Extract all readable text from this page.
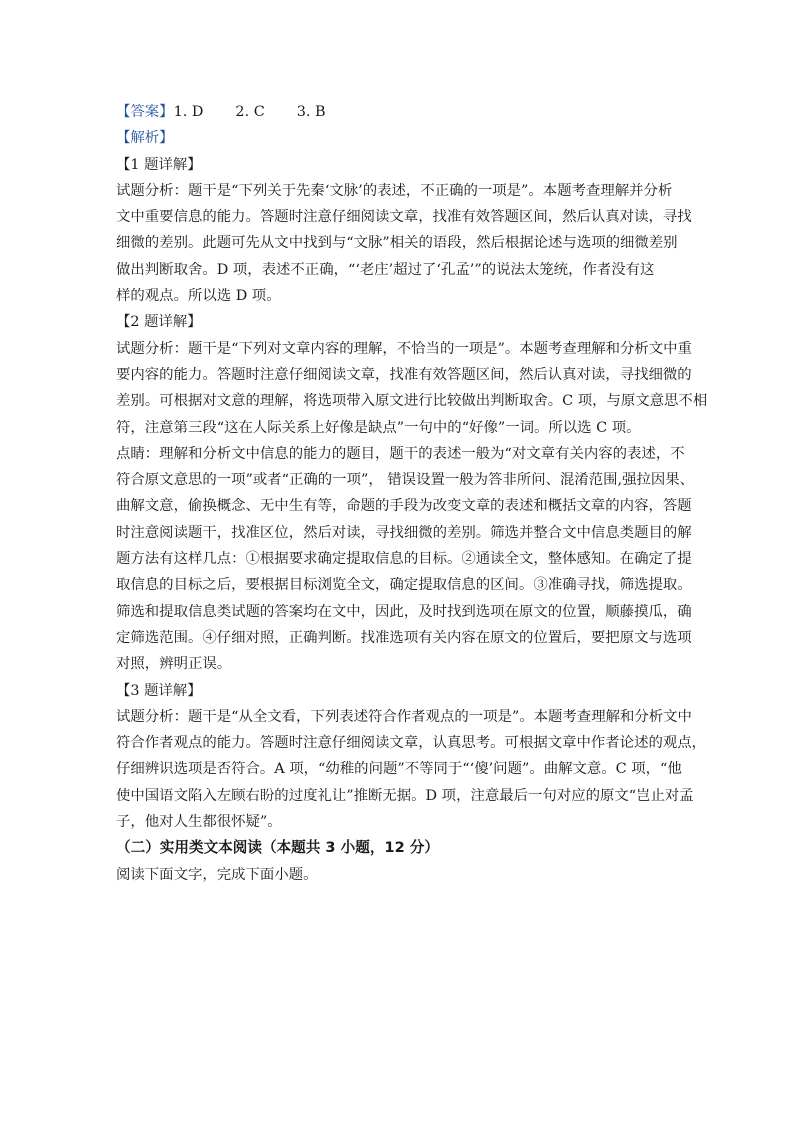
【答案】1. D 2. C 3. B

【解析】

【1 题详解】

试题分析：题干是“下列关于先秦‘文脉’的表述，不正确的一项是”。本题考查理解并分析

文中重要信息的能力。答题时注意仔细阅读文章，找准有效答题区间，然后认真对读，寻找

细微的差别。此题可先从文中找到与“文脉”相关的语段，然后根据论述与选项的细微差别

做出判断取舍。D 项，表述不正确，“‘老庄’超过了‘孔孟’”的说法太笼统，作者没有这

样的观点。所以选 D 项。

【2 题详解】

试题分析：题干是“下列对文章内容的理解，不恰当的一项是”。本题考查理解和分析文中重

要内容的能力。答题时注意仔细阅读文章，找准有效答题区间，然后认真对读，寻找细微的

差别。可根据对文意的理解，将选项带入原文进行比较做出判断取舍。C 项，与原文意思不相

符，注意第三段“这在人际关系上好像是缺点”一句中的“好像”一词。所以选 C 项。

点睛：理解和分析文中信息的能力的题目，题干的表述一般为“对文章有关内容的表述，不

符合原文意思的一项”或者“正确的一项”， 错误设置一般为答非所问、混淆范围,强拉因果、

曲解文意，偷换概念、无中生有等，命题的手段为改变文章的表述和概括文章的内容，答题

时注意阅读题干，找准区位，然后对读，寻找细微的差别。筛选并整合文中信息类题目的解

题方法有这样几点：①根据要求确定提取信息的目标。②通读全文，整体感知。在确定了提

取信息的目标之后，要根据目标浏览全文，确定提取信息的区间。③准确寻找，筛选提取。

筛选和提取信息类试题的答案均在文中，因此，及时找到选项在原文的位置，顺藤摸瓜，确

定筛选范围。④仔细对照，正确判断。找准选项有关内容在原文的位置后，要把原文与选项

对照，辨明正误。

【3 题详解】

试题分析：题干是“从全文看，下列表述符合作者观点的一项是”。本题考查理解和分析文中

符合作者观点的能力。答题时注意仔细阅读文章，认真思考。可根据文章中作者论述的观点，

仔细辨识选项是否符合。A 项，“幼稚的问题”不等同于“‘傻’问题”。曲解文意。C 项，“他

使中国语文陷入左顾右盼的过度礼让”推断无据。D 项，注意最后一句对应的原文“岂止对孟

子，他对人生都很怀疑”。

（二）实用类文本阅读（本题共 3 小题，12 分）

阅读下面文字，完成下面小题。
